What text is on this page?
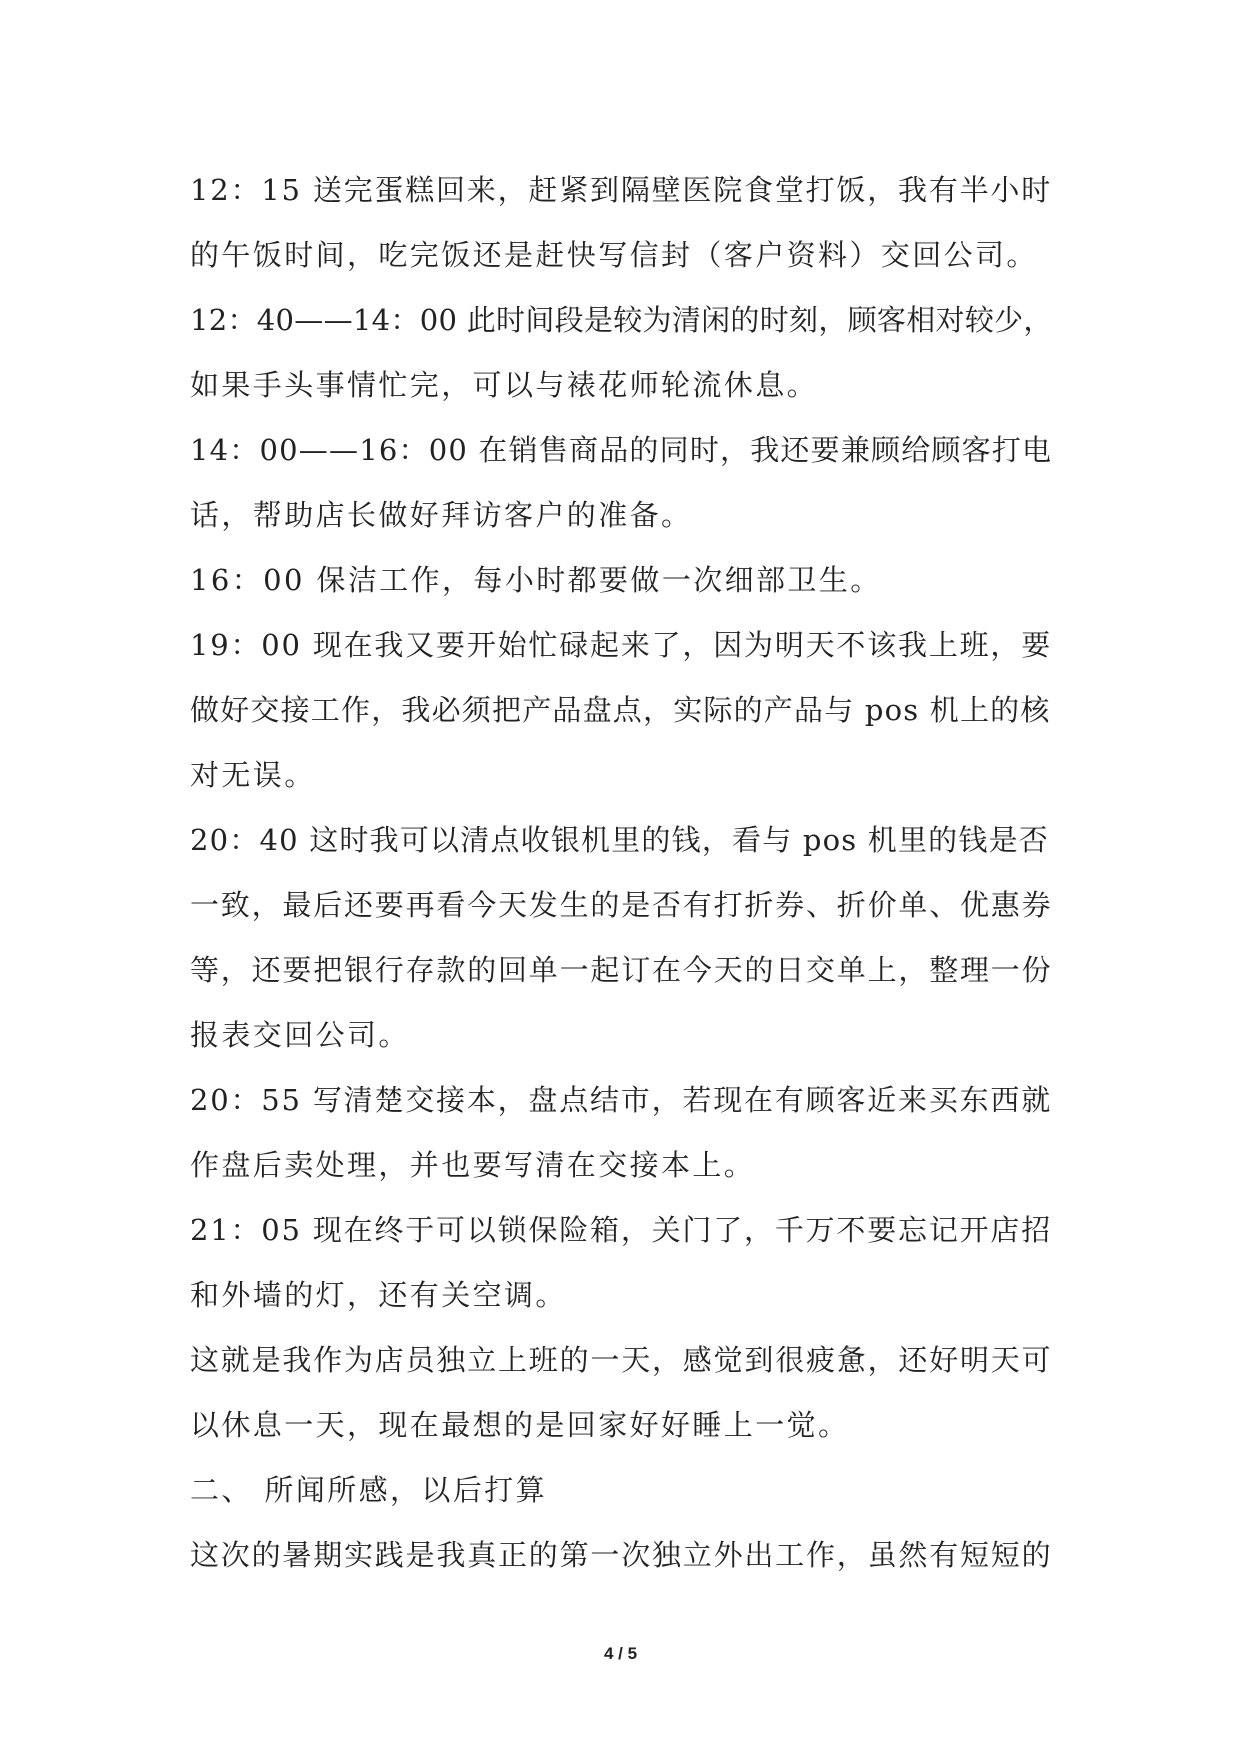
12：15 送完蛋糕回来，赶紧到隔壁医院食堂打饭，我有半小时
的午饭时间，吃完饭还是赶快写信封（客户资料）交回公司。
12：40——14：00 此时间段是较为清闲的时刻，顾客相对较少，
如果手头事情忙完，可以与裱花师轮流休息。
14：00——16：00 在销售商品的同时，我还要兼顾给顾客打电
话，帮助店长做好拜访客户的准备。
16：00 保洁工作，每小时都要做一次细部卫生。
19：00 现在我又要开始忙碌起来了，因为明天不该我上班，要
做好交接工作，我必须把产品盘点，实际的产品与 pos 机上的核
对无误。
20：40 这时我可以清点收银机里的钱，看与 pos 机里的钱是否
一致，最后还要再看今天发生的是否有打折券、折价单、优惠券
等，还要把银行存款的回单一起订在今天的日交单上，整理一份
报表交回公司。
20：55 写清楚交接本，盘点结市，若现在有顾客近来买东西就
作盘后卖处理，并也要写清在交接本上。
21：05 现在终于可以锁保险箱，关门了，千万不要忘记开店招
和外墙的灯，还有关空调。
这就是我作为店员独立上班的一天，感觉到很疲惫，还好明天可
以休息一天，现在最想的是回家好好睡上一觉。
二、 所闻所感，以后打算
这次的暑期实践是我真正的第一次独立外出工作，虽然有短短的
4 / 5
